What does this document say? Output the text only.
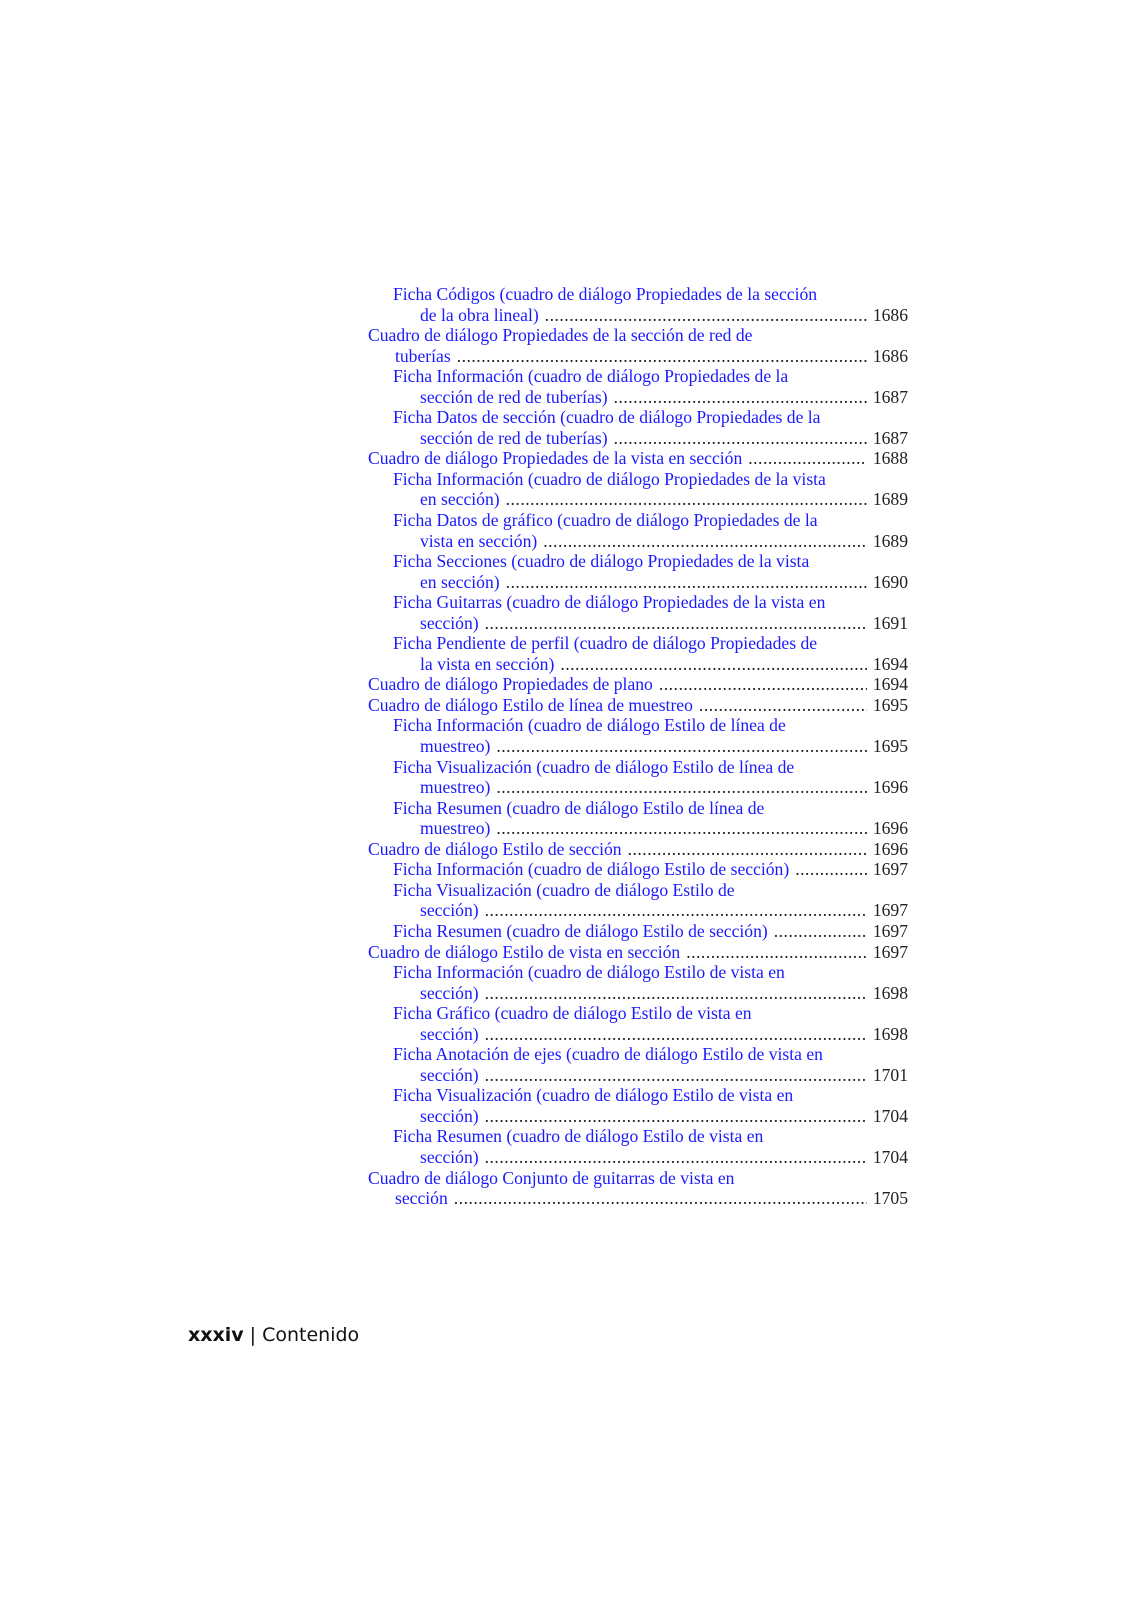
Ficha Códigos (cuadro de diálogo Propiedades de la sección
de la obra lineal) .....	1686
Cuadro de diálogo Propiedades de la sección de red de
tuberías .....	1686
Ficha Información (cuadro de diálogo Propiedades de la
sección de red de tuberías) .....	1687
Ficha Datos de sección (cuadro de diálogo Propiedades de la
sección de red de tuberías) .....	1687
Cuadro de diálogo Propiedades de la vista en sección .....	1688
Ficha Información (cuadro de diálogo Propiedades de la vista
en sección) .....	1689
Ficha Datos de gráfico (cuadro de diálogo Propiedades de la
vista en sección) .....	1689
Ficha Secciones (cuadro de diálogo Propiedades de la vista
en sección) .....	1690
Ficha Guitarras (cuadro de diálogo Propiedades de la vista en
sección) .....	1691
Ficha Pendiente de perfil (cuadro de diálogo Propiedades de
la vista en sección) .....	1694
Cuadro de diálogo Propiedades de plano .....	1694
Cuadro de diálogo Estilo de línea de muestreo .....	1695
Ficha Información (cuadro de diálogo Estilo de línea de
muestreo) .....	1695
Ficha Visualización (cuadro de diálogo Estilo de línea de
muestreo) .....	1696
Ficha Resumen (cuadro de diálogo Estilo de línea de
muestreo) .....	1696
Cuadro de diálogo Estilo de sección .....	1696
Ficha Información (cuadro de diálogo Estilo de sección) .....	1697
Ficha Visualización (cuadro de diálogo Estilo de
sección) .....	1697
Ficha Resumen (cuadro de diálogo Estilo de sección) .....	1697
Cuadro de diálogo Estilo de vista en sección .....	1697
Ficha Información (cuadro de diálogo Estilo de vista en
sección) .....	1698
Ficha Gráfico (cuadro de diálogo Estilo de vista en
sección) .....	1698
Ficha Anotación de ejes (cuadro de diálogo Estilo de vista en
sección) .....	1701
Ficha Visualización (cuadro de diálogo Estilo de vista en
sección) .....	1704
Ficha Resumen (cuadro de diálogo Estilo de vista en
sección) .....	1704
Cuadro de diálogo Conjunto de guitarras de vista en
sección .....	1705
xxxiv | Contenido
